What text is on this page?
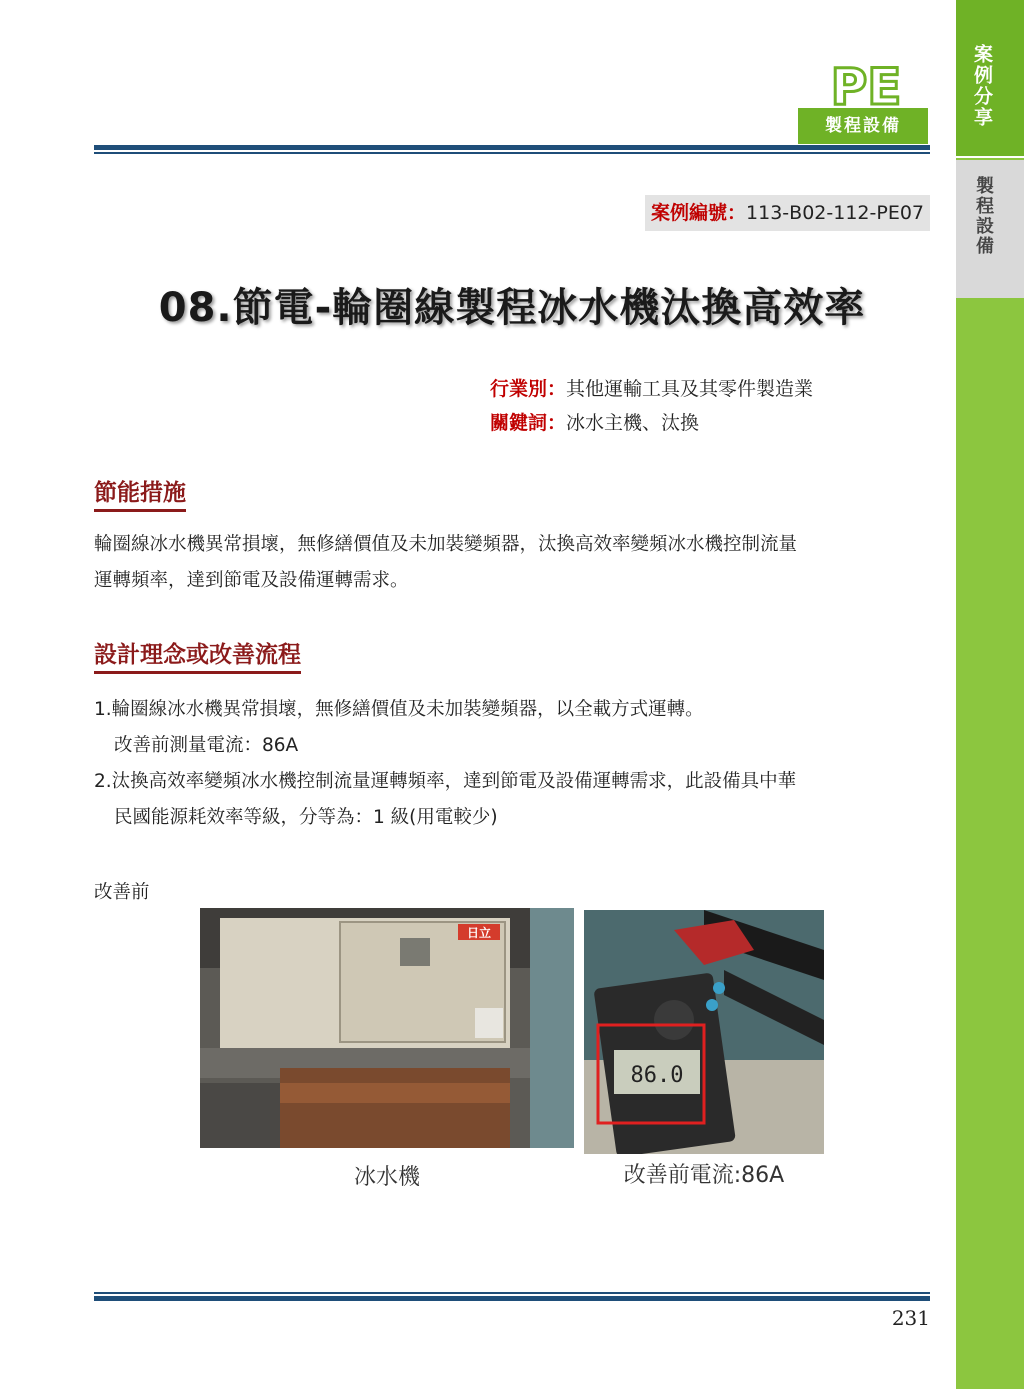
案例分享
製程設備
PE
製程設備
案例編號：113-B02-112-PE07
08.節電-輪圈線製程冰水機汰換高效率
行業別：其他運輸工具及其零件製造業
關鍵詞：冰水主機、汰換
節能措施
輪圈線冰水機異常損壞，無修繕價值及未加裝變頻器，汰換高效率變頻冰水機控制流量
運轉頻率，達到節電及設備運轉需求。
設計理念或改善流程
1.輪圈線冰水機異常損壞，無修繕價值及未加裝變頻器，以全載方式運轉。
改善前測量電流：86A
2.汰換高效率變頻冰水機控制流量運轉頻率，達到節電及設備運轉需求，此設備具中華
民國能源耗效率等級，分等為：1 級(用電較少)
改善前
日立
冰水機
86.0
改善前電流:86A
231
